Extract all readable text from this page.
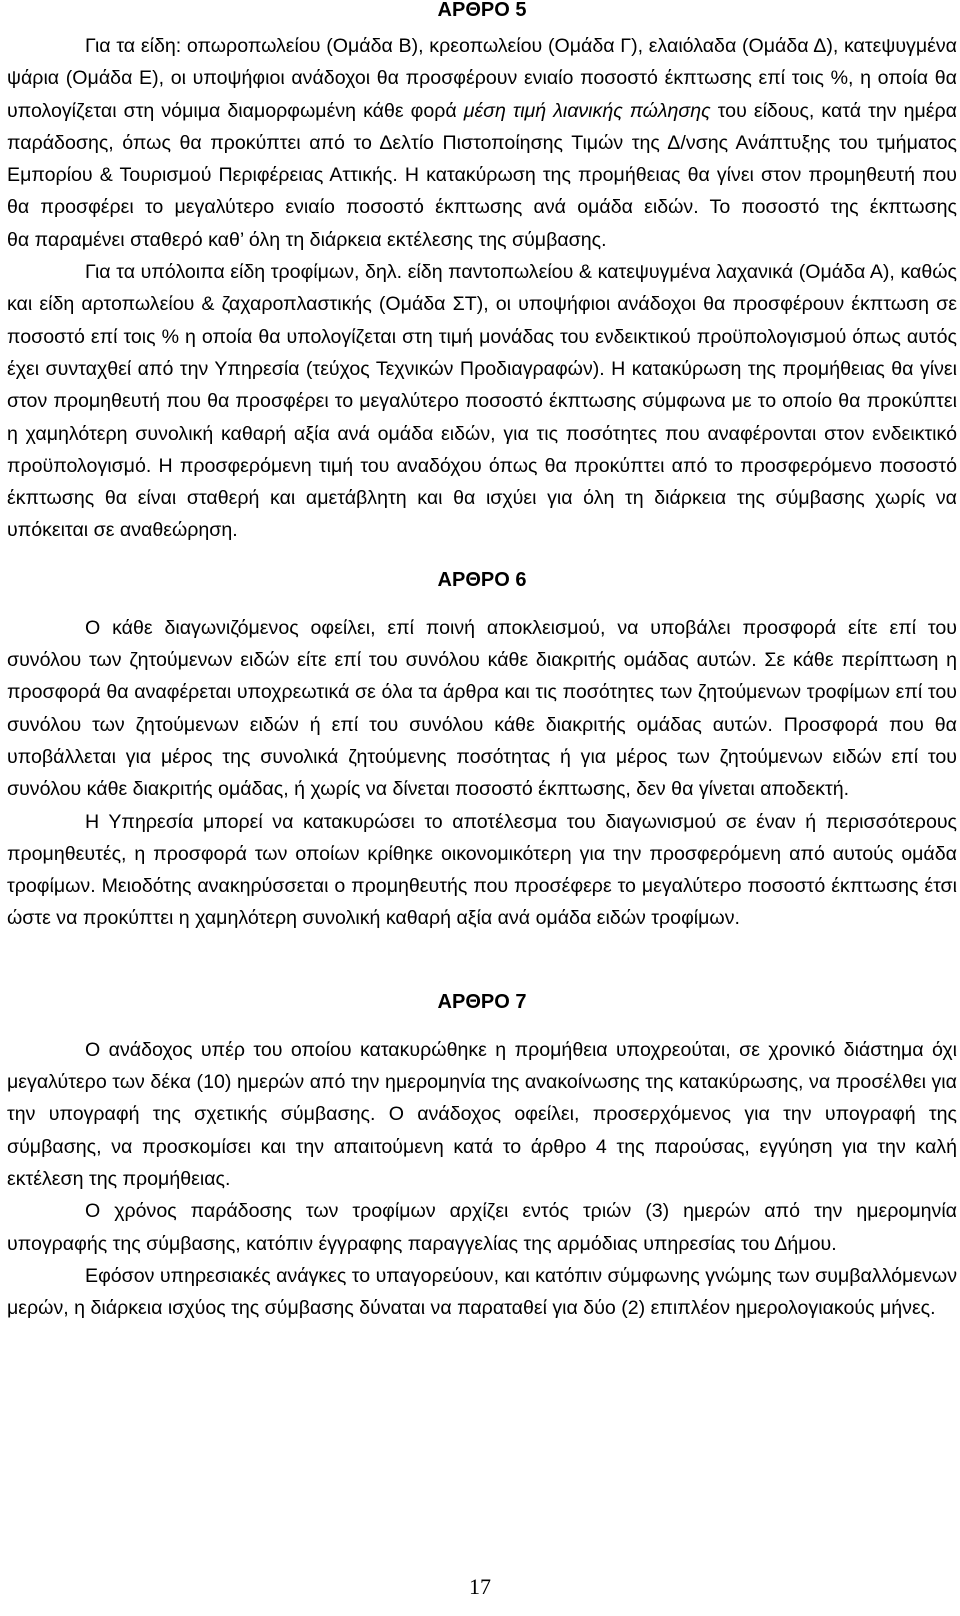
ΑΡΘΡΟ 5

Για τα είδη: οπωροπωλείου (Ομάδα Β), κρεοπωλείου (Ομάδα Γ), ελαιόλαδα (Ομάδα Δ), κατεψυγμένα ψάρια (Ομάδα Ε), οι υποψήφιοι ανάδοχοι θα προσφέρουν ενιαίο ποσοστό έκπτωσης επί τοις %, η οποία θα υπολογίζεται στη νόμιμα διαμορφωμένη κάθε φορά μέση τιμή λιανικής πώλησης του είδους, κατά την ημέρα παράδοσης, όπως θα προκύπτει από το Δελτίο Πιστοποίησης Τιμών της Δ/νσης Ανάπτυξης του τμήματος Εμπορίου & Τουρισμού Περιφέρειας Αττικής. Η κατακύρωση της προμήθειας θα γίνει στον προμηθευτή που θα προσφέρει το μεγαλύτερο ενιαίο ποσοστό έκπτωσης ανά ομάδα ειδών. Το ποσοστό της έκπτωσης
θα παραμένει σταθερό καθ’ όλη τη διάρκεια εκτέλεσης της σύμβασης.

Για τα υπόλοιπα είδη τροφίμων, δηλ. είδη παντοπωλείου & κατεψυγμένα λαχανικά (Ομάδα Α), καθώς και είδη αρτοπωλείου & ζαχαροπλαστικής (Ομάδα ΣΤ), οι υποψήφιοι ανάδοχοι θα προσφέρουν έκπτωση σε ποσοστό επί τοις % η οποία θα υπολογίζεται στη τιμή μονάδας του ενδεικτικού προϋπολογισμού όπως αυτός έχει συνταχθεί από την Υπηρεσία (τεύχος Τεχνικών Προδιαγραφών). Η κατακύρωση της προμήθειας θα γίνει στον προμηθευτή που θα προσφέρει το μεγαλύτερο ποσοστό έκπτωσης σύμφωνα με το οποίο θα προκύπτει η χαμηλότερη συνολική καθαρή αξία ανά ομάδα ειδών, για τις ποσότητες που αναφέρονται στον ενδεικτικό προϋπολογισμό. Η προσφερόμενη τιμή του αναδόχου όπως θα προκύπτει από το προσφερόμενο ποσοστό έκπτωσης θα είναι σταθερή και αμετάβλητη και θα ισχύει για όλη τη διάρκεια της σύμβασης χωρίς να υπόκειται σε αναθεώρηση.

ΑΡΘΡΟ 6

Ο κάθε διαγωνιζόμενος οφείλει, επί ποινή αποκλεισμού, να υποβάλει προσφορά είτε επί του συνόλου των ζητούμενων ειδών είτε επί του συνόλου κάθε διακριτής ομάδας αυτών. Σε κάθε περίπτωση η προσφορά θα αναφέρεται υποχρεωτικά σε όλα τα άρθρα και τις ποσότητες των ζητούμενων τροφίμων επί του συνόλου των ζητούμενων ειδών ή επί του συνόλου κάθε διακριτής ομάδας αυτών. Προσφορά που θα υποβάλλεται για μέρος της συνολικά ζητούμενης ποσότητας ή για μέρος των ζητούμενων ειδών επί του συνόλου κάθε διακριτής ομάδας, ή χωρίς να δίνεται ποσοστό έκπτωσης, δεν θα γίνεται αποδεκτή.

Η Υπηρεσία μπορεί να κατακυρώσει το αποτέλεσμα του διαγωνισμού σε έναν ή περισσότερους προμηθευτές, η προσφορά των οποίων κρίθηκε οικονομικότερη για την προσφερόμενη από αυτούς ομάδα τροφίμων. Μειοδότης ανακηρύσσεται ο προμηθευτής που προσέφερε το μεγαλύτερο ποσοστό έκπτωσης έτσι ώστε να προκύπτει η χαμηλότερη συνολική καθαρή αξία ανά ομάδα ειδών τροφίμων.

ΑΡΘΡΟ 7

Ο ανάδοχος υπέρ του οποίου κατακυρώθηκε η προμήθεια υποχρεούται, σε χρονικό διάστημα όχι μεγαλύτερο των δέκα (10) ημερών από την ημερομηνία της ανακοίνωσης της κατακύρωσης, να προσέλθει για την υπογραφή της σχετικής σύμβασης. Ο ανάδοχος οφείλει, προσερχόμενος για την υπογραφή της σύμβασης, να προσκομίσει και την απαιτούμενη κατά το άρθρο 4 της παρούσας, εγγύηση για την καλή εκτέλεση της προμήθειας.

Ο χρόνος παράδοσης των τροφίμων αρχίζει εντός τριών (3) ημερών από την ημερομηνία υπογραφής της σύμβασης, κατόπιν έγγραφης παραγγελίας της αρμόδιας υπηρεσίας του Δήμου.

Εφόσον υπηρεσιακές ανάγκες το υπαγορεύουν, και κατόπιν σύμφωνης γνώμης των συμβαλλόμενων μερών, η διάρκεια ισχύος της σύμβασης δύναται να παραταθεί για δύο (2) επιπλέον ημερολογιακούς μήνες.

17
